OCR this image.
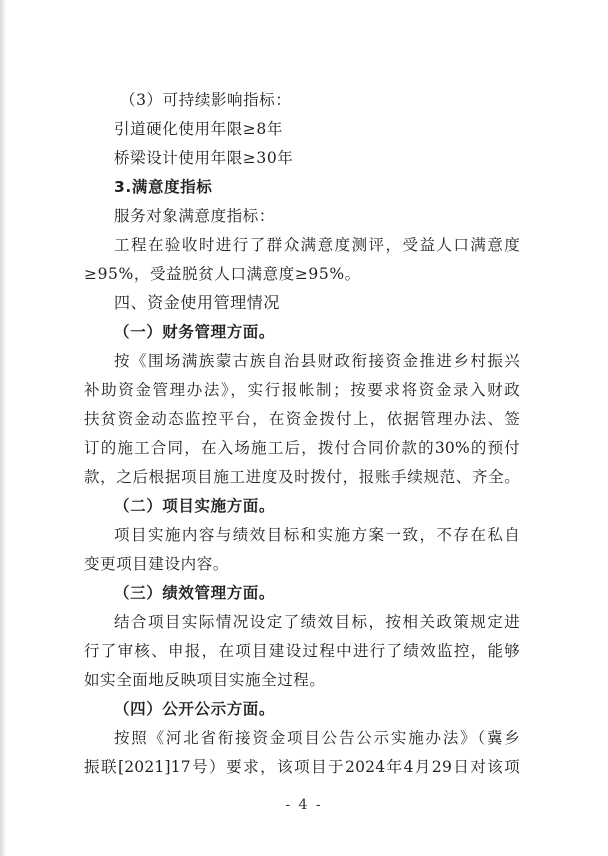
（3）可持续影响指标：
引道硬化使用年限≥8年
桥梁设计使用年限≥30年
3.满意度指标
服务对象满意度指标：
工程在验收时进行了群众满意度测评，受益人口满意度
≥95%，受益脱贫人口满意度≥95%。
四、资金使用管理情况
（一）财务管理方面。
按《围场满族蒙古族自治县财政衔接资金推进乡村振兴
补助资金管理办法》，实行报帐制；按要求将资金录入财政
扶贫资金动态监控平台，在资金拨付上，依据管理办法、签
订的施工合同，在入场施工后，拨付合同价款的30%的预付
款，之后根据项目施工进度及时拨付，报账手续规范、齐全。
（二）项目实施方面。
项目实施内容与绩效目标和实施方案一致，不存在私自
变更项目建设内容。
（三）绩效管理方面。
结合项目实际情况设定了绩效目标，按相关政策规定进
行了审核、申报，在项目建设过程中进行了绩效监控，能够
如实全面地反映项目实施全过程。
（四）公开公示方面。
按照《河北省衔接资金项目公告公示实施办法》（冀乡
振联[2021]17号）要求，该项目于2024年4月29日对该项
- 4 -
